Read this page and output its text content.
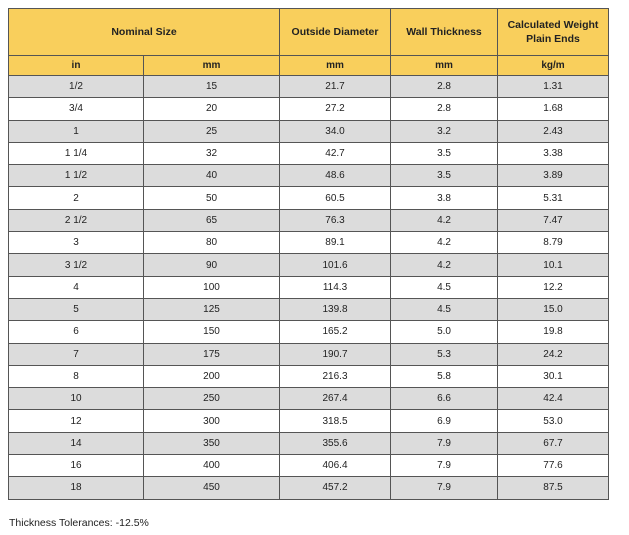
Nominal Size		Outside Diameter	Wall Thickness	Calculated Weight
Plain Ends
in	mm	mm	mm	kg/m
1/2	15	21.7	2.8	1.31
3/4	20	27.2	2.8	1.68
1	25	34.0	3.2	2.43
1 1/4	32	42.7	3.5	3.38
1 1/2	40	48.6	3.5	3.89
2	50	60.5	3.8	5.31
2 1/2	65	76.3	4.2	7.47
3	80	89.1	4.2	8.79
3 1/2	90	101.6	4.2	10.1
4	100	114.3	4.5	12.2
5	125	139.8	4.5	15.0
6	150	165.2	5.0	19.8
7	175	190.7	5.3	24.2
8	200	216.3	5.8	30.1
10	250	267.4	6.6	42.4
12	300	318.5	6.9	53.0
14	350	355.6	7.9	67.7
16	400	406.4	7.9	77.6
18	450	457.2	7.9	87.5
Thickness Tolerances: -12.5%
